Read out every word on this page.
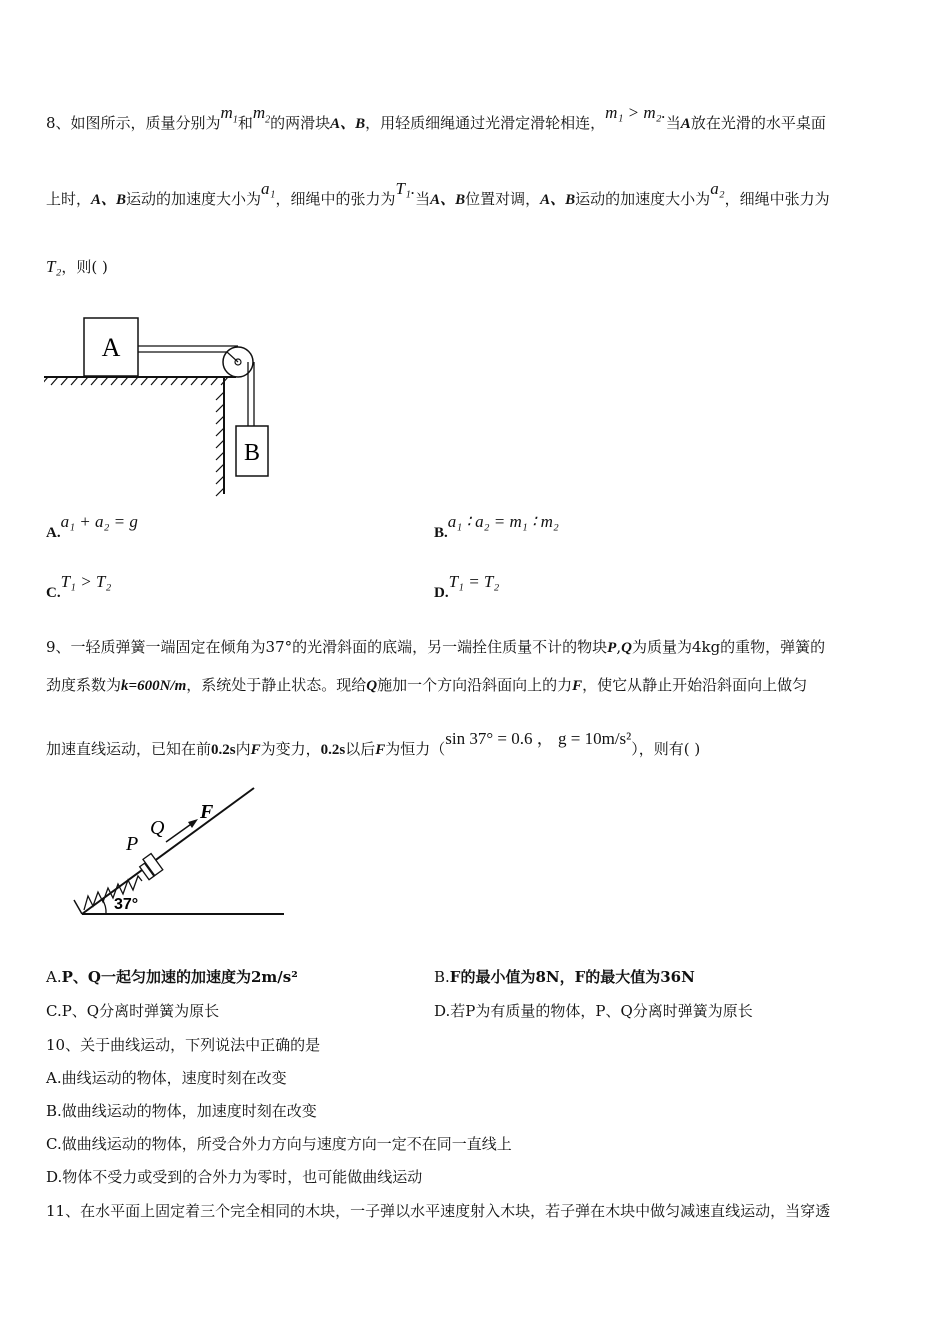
8、如图所示，质量分别为$m_1$和$m_2$的两滑块A、B，用轻质细绳通过光滑定滑轮相连，m₁ > m₂.当A放在光滑的水平桌面
上时，A、B运动的加速度大小为a₁，细绳中的张力为T₁.当A、B位置对调，A、B运动的加速度大小为a₂，细绳中张力为
T₂，则( )
A
B
A.a₁ + a₂ = g
B.a₁ ∶ a₂ = m₁ ∶ m₂
C.T₁ > T₂
D.T₁ = T₂
9、一轻质弹簧一端固定在倾角为37°的光滑斜面的底端，另一端拴住质量不计的物块P,Q为质量为4kg的重物，弹簧的
劲度系数为k=600N/m，系统处于静止状态。现给Q施加一个方向沿斜面向上的力F，使它从静止开始沿斜面向上做匀
加速直线运动，已知在前0.2s内F为变力，0.2s以后F为恒力（sin 37° = 0.6 ， g = 10m/s²），则有( )
37°
P
Q
F
A.P、Q一起匀加速的加速度为2m/s²	B.F的最小值为8N，F的最大值为36N
C.P、Q分离时弹簧为原长	D.若P为有质量的物体，P、Q分离时弹簧为原长
10、关于曲线运动，下列说法中正确的是
A.曲线运动的物体，速度时刻在改变
B.做曲线运动的物体，加速度时刻在改变
C.做曲线运动的物体，所受合外力方向与速度方向一定不在同一直线上
D.物体不受力或受到的合外力为零时，也可能做曲线运动
11、在水平面上固定着三个完全相同的木块，一子弹以水平速度射入木块，若子弹在木块中做匀减速直线运动，当穿透
